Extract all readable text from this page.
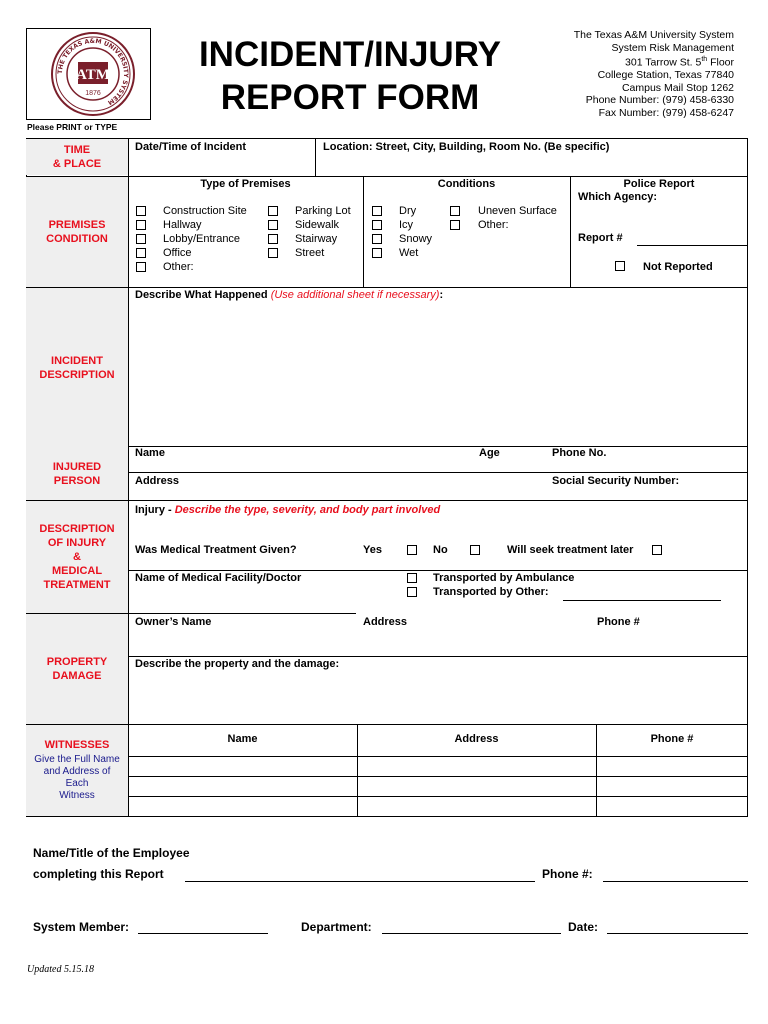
THE TEXAS A&M UNIVERSITY SYSTEM
ATM
1876
INCIDENT/INJURY
REPORT FORM
The Texas A&M University System
System Risk Management
301 Tarrow St. 5th Floor
College Station, Texas 77840
Campus Mail Stop 1262
Phone Number: (979) 458-6330
Fax Number: (979) 458-6247
Please PRINT or TYPE
TIME
& PLACE
PREMISES
CONDITION
INCIDENT
DESCRIPTION
INJURED
PERSON
DESCRIPTION
OF INJURY
&
MEDICAL
TREATMENT
PROPERTY
DAMAGE
WITNESSES
Give the Full Name
and Address of
Each
Witness
Date/Time of Incident	Location: Street, City, Building, Room No. (Be specific)
Type of Premises	Conditions	Police Report
Which Agency:
Report #
Not Reported
Construction Site
Hallway
Lobby/Entrance
Office
Other:
Parking Lot
Sidewalk
Stairway
Street
Dry
Icy
Snowy
Wet
Uneven Surface
Other:
Describe What Happened (Use additional sheet if necessary):
Name	Age	Phone No.
Address	Social Security Number:
Injury - Describe the type, severity, and body part involved
Was Medical Treatment Given?	Yes	No	Will seek treatment later
Name of Medical Facility/Doctor	Transported by Ambulance
Transported by Other:
Owner’s Name	Address	Phone #
Describe the property and the damage:
Name	Address	Phone #
Name/Title of the Employee
completing this Report	Phone #:
System Member:	Department:	Date:
Updated 5.15.18
